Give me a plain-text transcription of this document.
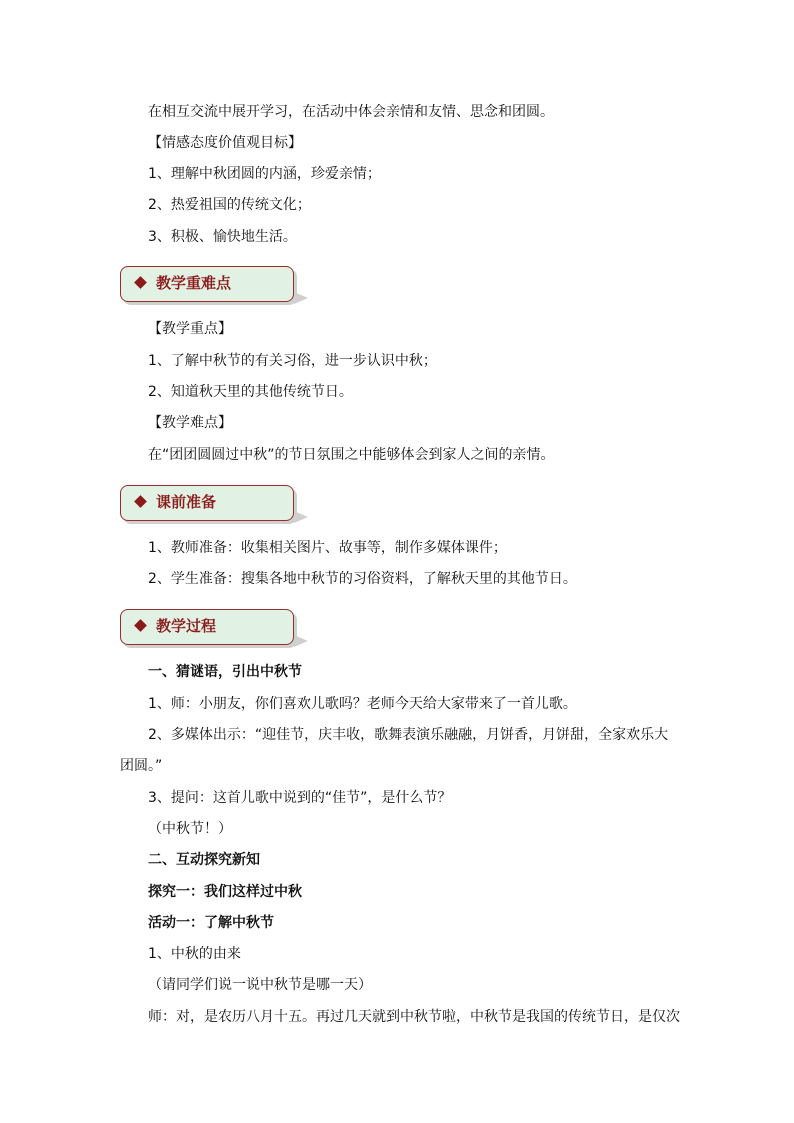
在相互交流中展开学习，在活动中体会亲情和友情、思念和团圆。
【情感态度价值观目标】
1、理解中秋团圆的内涵，珍爱亲情；
2、热爱祖国的传统文化；
3、积极、愉快地生活。
教学重难点
【教学重点】
1、了解中秋节的有关习俗，进一步认识中秋；
2、知道秋天里的其他传统节日。
【教学难点】
在“团团圆圆过中秋”的节日氛围之中能够体会到家人之间的亲情。
课前准备
1、教师准备：收集相关图片、故事等，制作多媒体课件；
2、学生准备：搜集各地中秋节的习俗资料，了解秋天里的其他节日。
教学过程
一、猜谜语，引出中秋节
1、师：小朋友，你们喜欢儿歌吗？老师今天给大家带来了一首儿歌。
2、多媒体出示：“迎佳节，庆丰收，歌舞表演乐融融，月饼香，月饼甜，全家欢乐大
团圆。”
3、提问：这首儿歌中说到的“佳节”，是什么节？
（中秋节！）
二、互动探究新知
探究一：我们这样过中秋
活动一：了解中秋节
1、中秋的由来
（请同学们说一说中秋节是哪一天）
师：对，是农历八月十五。再过几天就到中秋节啦，中秋节是我国的传统节日，是仅次
